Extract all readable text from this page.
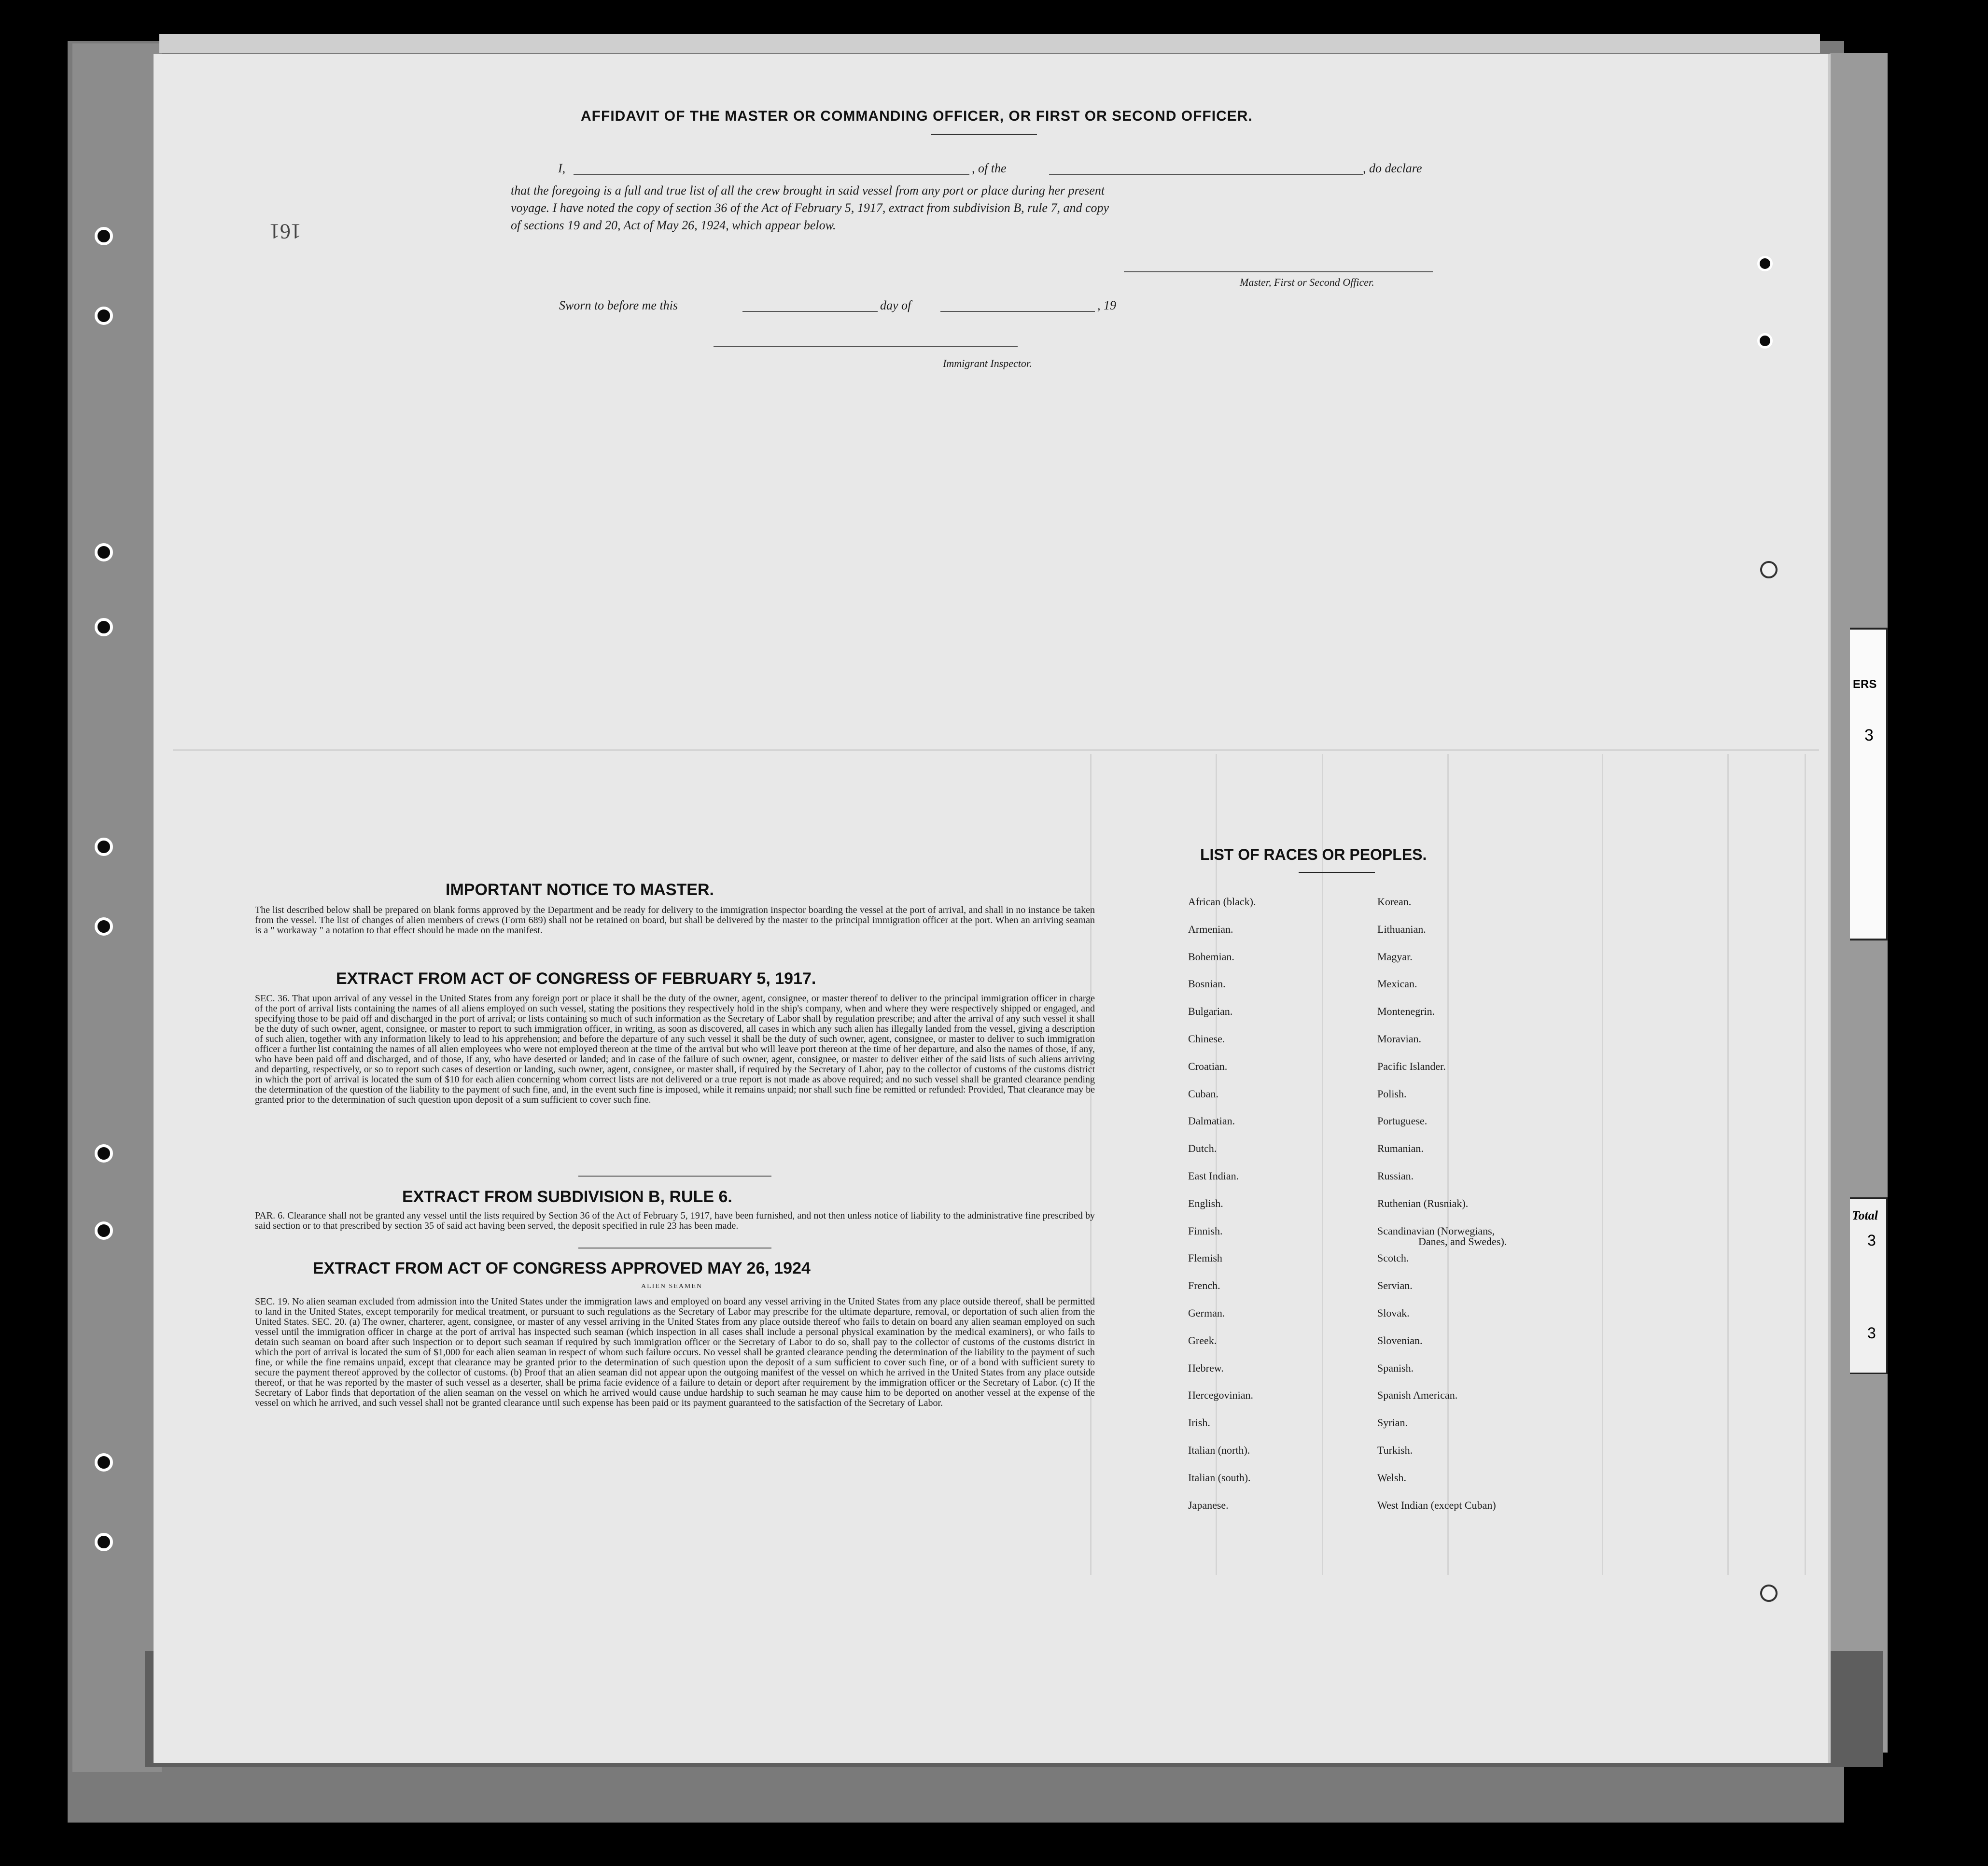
ERS
3
Total
3
3
AFFIDAVIT OF THE MASTER OR COMMANDING OFFICER, OR FIRST OR SECOND OFFICER.
I,	, of the	, do declare
that the foregoing is a full and true list of all the crew brought in said vessel from any port or place during her present
voyage. I have noted the copy of section 36 of the Act of February 5, 1917, extract from subdivision B, rule 7, and copy
of sections 19 and 20, Act of May 26, 1924, which appear below.
Master, First or Second Officer.
Sworn to before me this	day of	, 19
Immigrant Inspector.
161
IMPORTANT NOTICE TO MASTER.
The list described below shall be prepared on blank forms approved by the Department and be ready for delivery to the immigration inspector boarding the vessel at the port of arrival, and shall in no instance be taken from the vessel. The list of changes of alien members of crews (Form 689) shall not be retained on board, but shall be delivered by the master to the principal immigration officer at the port. When an arriving seaman is a " workaway " a notation to that effect should be made on the manifest.
EXTRACT FROM ACT OF CONGRESS OF FEBRUARY 5, 1917.
SEC. 36. That upon arrival of any vessel in the United States from any foreign port or place it shall be the duty of the owner, agent, consignee, or master thereof to deliver to the principal immigration officer in charge of the port of arrival lists containing the names of all aliens employed on such vessel, stating the positions they respectively hold in the ship's company, when and where they were respectively shipped or engaged, and specifying those to be paid off and discharged in the port of arrival; or lists containing so much of such information as the Secretary of Labor shall by regulation prescribe; and after the arrival of any such vessel it shall be the duty of such owner, agent, consignee, or master to report to such immigration officer, in writing, as soon as discovered, all cases in which any such alien has illegally landed from the vessel, giving a description of such alien, together with any information likely to lead to his apprehension; and before the departure of any such vessel it shall be the duty of such owner, agent, consignee, or master to deliver to such immigration officer a further list containing the names of all alien employees who were not employed thereon at the time of the arrival but who will leave port thereon at the time of her departure, and also the names of those, if any, who have been paid off and discharged, and of those, if any, who have deserted or landed; and in case of the failure of such owner, agent, consignee, or master to deliver either of the said lists of such aliens arriving and departing, respectively, or so to report such cases of desertion or landing, such owner, agent, consignee, or master shall, if required by the Secretary of Labor, pay to the collector of customs of the customs district in which the port of arrival is located the sum of $10 for each alien concerning whom correct lists are not delivered or a true report is not made as above required; and no such vessel shall be granted clearance pending the determination of the question of the liability to the payment of such fine, and, in the event such fine is imposed, while it remains unpaid; nor shall such fine be remitted or refunded: Provided, That clearance may be granted prior to the determination of such question upon deposit of a sum sufficient to cover such fine.
EXTRACT FROM SUBDIVISION B, RULE 6.
PAR. 6. Clearance shall not be granted any vessel until the lists required by Section 36 of the Act of February 5, 1917, have been furnished, and not then unless notice of liability to the administrative fine prescribed by said section or to that prescribed by section 35 of said act having been served, the deposit specified in rule 23 has been made.
EXTRACT FROM ACT OF CONGRESS APPROVED MAY 26, 1924
ALIEN SEAMEN
SEC. 19. No alien seaman excluded from admission into the United States under the immigration laws and employed on board any vessel arriving in the United States from any place outside thereof, shall be permitted to land in the United States, except temporarily for medical treatment, or pursuant to such regulations as the Secretary of Labor may prescribe for the ultimate departure, removal, or deportation of such alien from the United States. SEC. 20. (a) The owner, charterer, agent, consignee, or master of any vessel arriving in the United States from any place outside thereof who fails to detain on board any alien seaman employed on such vessel until the immigration officer in charge at the port of arrival has inspected such seaman (which inspection in all cases shall include a personal physical examination by the medical examiners), or who fails to detain such seaman on board after such inspection or to deport such seaman if required by such immigration officer or the Secretary of Labor to do so, shall pay to the collector of customs of the customs district in which the port of arrival is located the sum of $1,000 for each alien seaman in respect of whom such failure occurs. No vessel shall be granted clearance pending the determination of the liability to the payment of such fine, or while the fine remains unpaid, except that clearance may be granted prior to the determination of such question upon the deposit of a sum sufficient to cover such fine, or of a bond with sufficient surety to secure the payment thereof approved by the collector of customs. (b) Proof that an alien seaman did not appear upon the outgoing manifest of the vessel on which he arrived in the United States from any place outside thereof, or that he was reported by the master of such vessel as a deserter, shall be prima facie evidence of a failure to detain or deport after requirement by the immigration officer or the Secretary of Labor. (c) If the Secretary of Labor finds that deportation of the alien seaman on the vessel on which he arrived would cause undue hardship to such seaman he may cause him to be deported on another vessel at the expense of the vessel on which he arrived, and such vessel shall not be granted clearance until such expense has been paid or its payment guaranteed to the satisfaction of the Secretary of Labor.
LIST OF RACES OR PEOPLES.
African (black).
Armenian.
Bohemian.
Bosnian.
Bulgarian.
Chinese.
Croatian.
Cuban.
Dalmatian.
Dutch.
East Indian.
English.
Finnish.
Flemish
French.
German.
Greek.
Hebrew.
Hercegovinian.
Irish.
Italian (north).
Italian (south).
Japanese.
Korean.
Lithuanian.
Magyar.
Mexican.
Montenegrin.
Moravian.
Pacific Islander.
Polish.
Portuguese.
Rumanian.
Russian.
Ruthenian (Rusniak).
Scandinavian (Norwegians,
Scotch.
Servian.
Slovak.
Slovenian.
Spanish.
Spanish American.
Syrian.
Turkish.
Welsh.
West Indian (except Cuban)
Danes, and Swedes).
